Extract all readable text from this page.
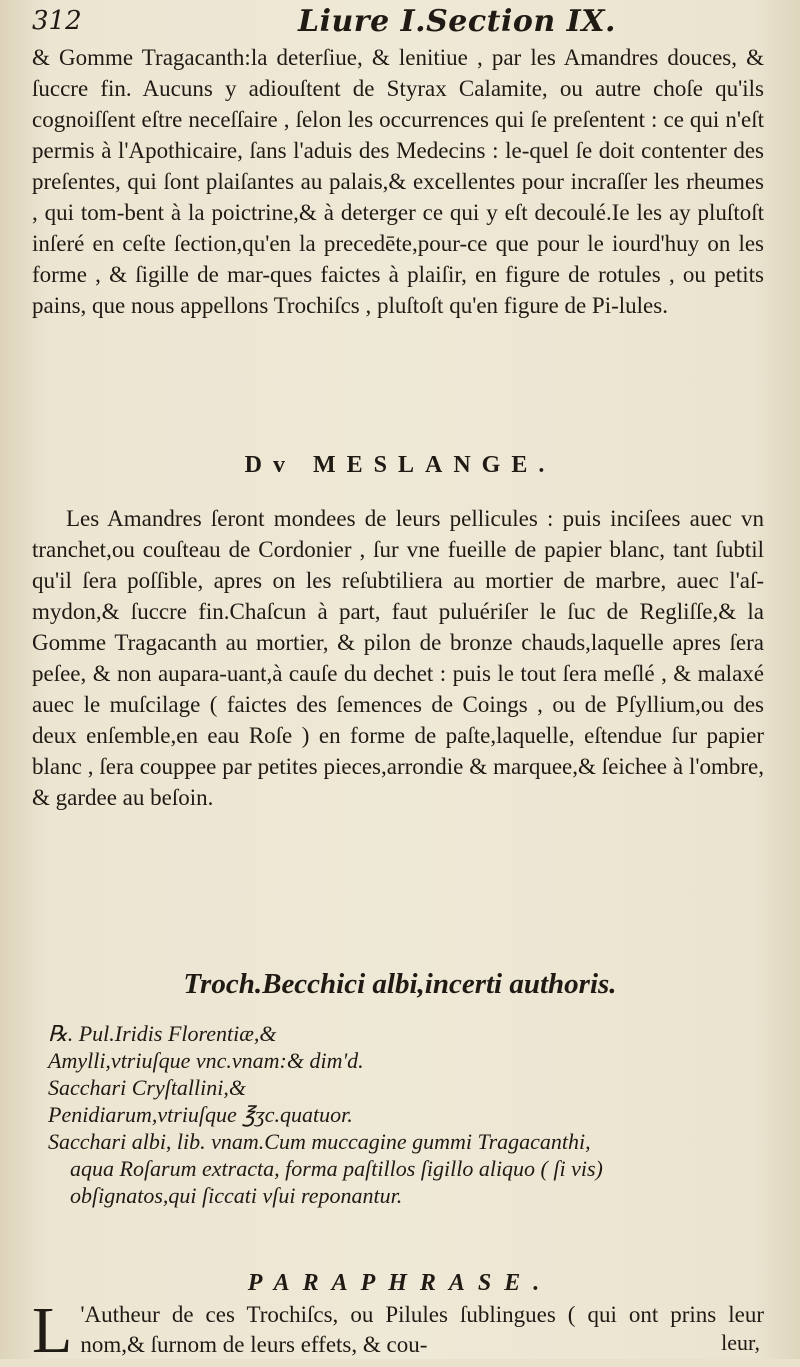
312	Liure I.Section IX.

& Gomme Tragacanth:la deterſiue, & lenitiue , par les Amandres douces, & ſuccre fin. Aucuns y adiouſtent de Styrax Calamite, ou autre choſe qu'ils cognoiſſent eſtre neceſſaire , ſelon les occurrences qui ſe preſentent : ce qui n'eſt permis à l'Apothicaire, ſans l'aduis des Medecins : le-quel ſe doit contenter des preſentes, qui ſont plaiſantes au palais,& excellentes pour incraſſer les rheumes , qui tom-bent à la poictrine,& à deterger ce qui y eſt decoulé.Ie les ay pluſtoſt inſeré en ceſte ſection,qu'en la precedēte,pour-ce que pour le iourd'huy on les forme , & ſigille de mar-ques faictes à plaiſir, en figure de rotules , ou petits pains, que nous appellons Trochiſcs , pluſtoſt qu'en figure de Pi-lules.

Dv MESLANGE.

Les Amandres ſeront mondees de leurs pellicules : puis inciſees auec vn tranchet,ou couſteau de Cordonier , ſur vne fueille de papier blanc, tant ſubtil qu'il ſera poſſible, apres on les reſubtiliera au mortier de marbre, auec l'aſ-mydon,& ſuccre fin.Chaſcun à part, faut puluériſer le ſuc de Regliſſe,& la Gomme Tragacanth au mortier, & pilon de bronze chauds,laquelle apres ſera peſee, & non aupara-uant,à cauſe du dechet : puis le tout ſera meſlé , & malaxé auec le muſcilage ( faictes des ſemences de Coings , ou de Pſyllium,ou des deux enſemble,en eau Roſe ) en forme de paſte,laquelle, eſtendue ſur papier blanc , ſera couppee par petites pieces,arrondie & marquee,& ſeichee à l'ombre, & gardee au beſoin.

Troch.Becchici albi,incerti authoris.
℞. Pul.Iridis Florentiæ,&
Amylli,vtriuſque vnc.vnam:& dim'd.
Sacchari Cryſtallini,&
Penidiarum,vtriuſque ℥ʒc.quatuor.
Sacchari albi, lib. vnam.Cum muccagine gummi Tragacanthi,
aqua Roſarum extracta, forma paſtillos ſigillo aliquo ( ſi vis)
obſignatos,qui ſiccati vſui reponantur.
PARAPHRASE.
L 'Autheur de ces Trochiſcs, ou Pilules ſublingues ( qui ont prins leur nom,& ſurnom de leurs effets, & cou-	leur,
